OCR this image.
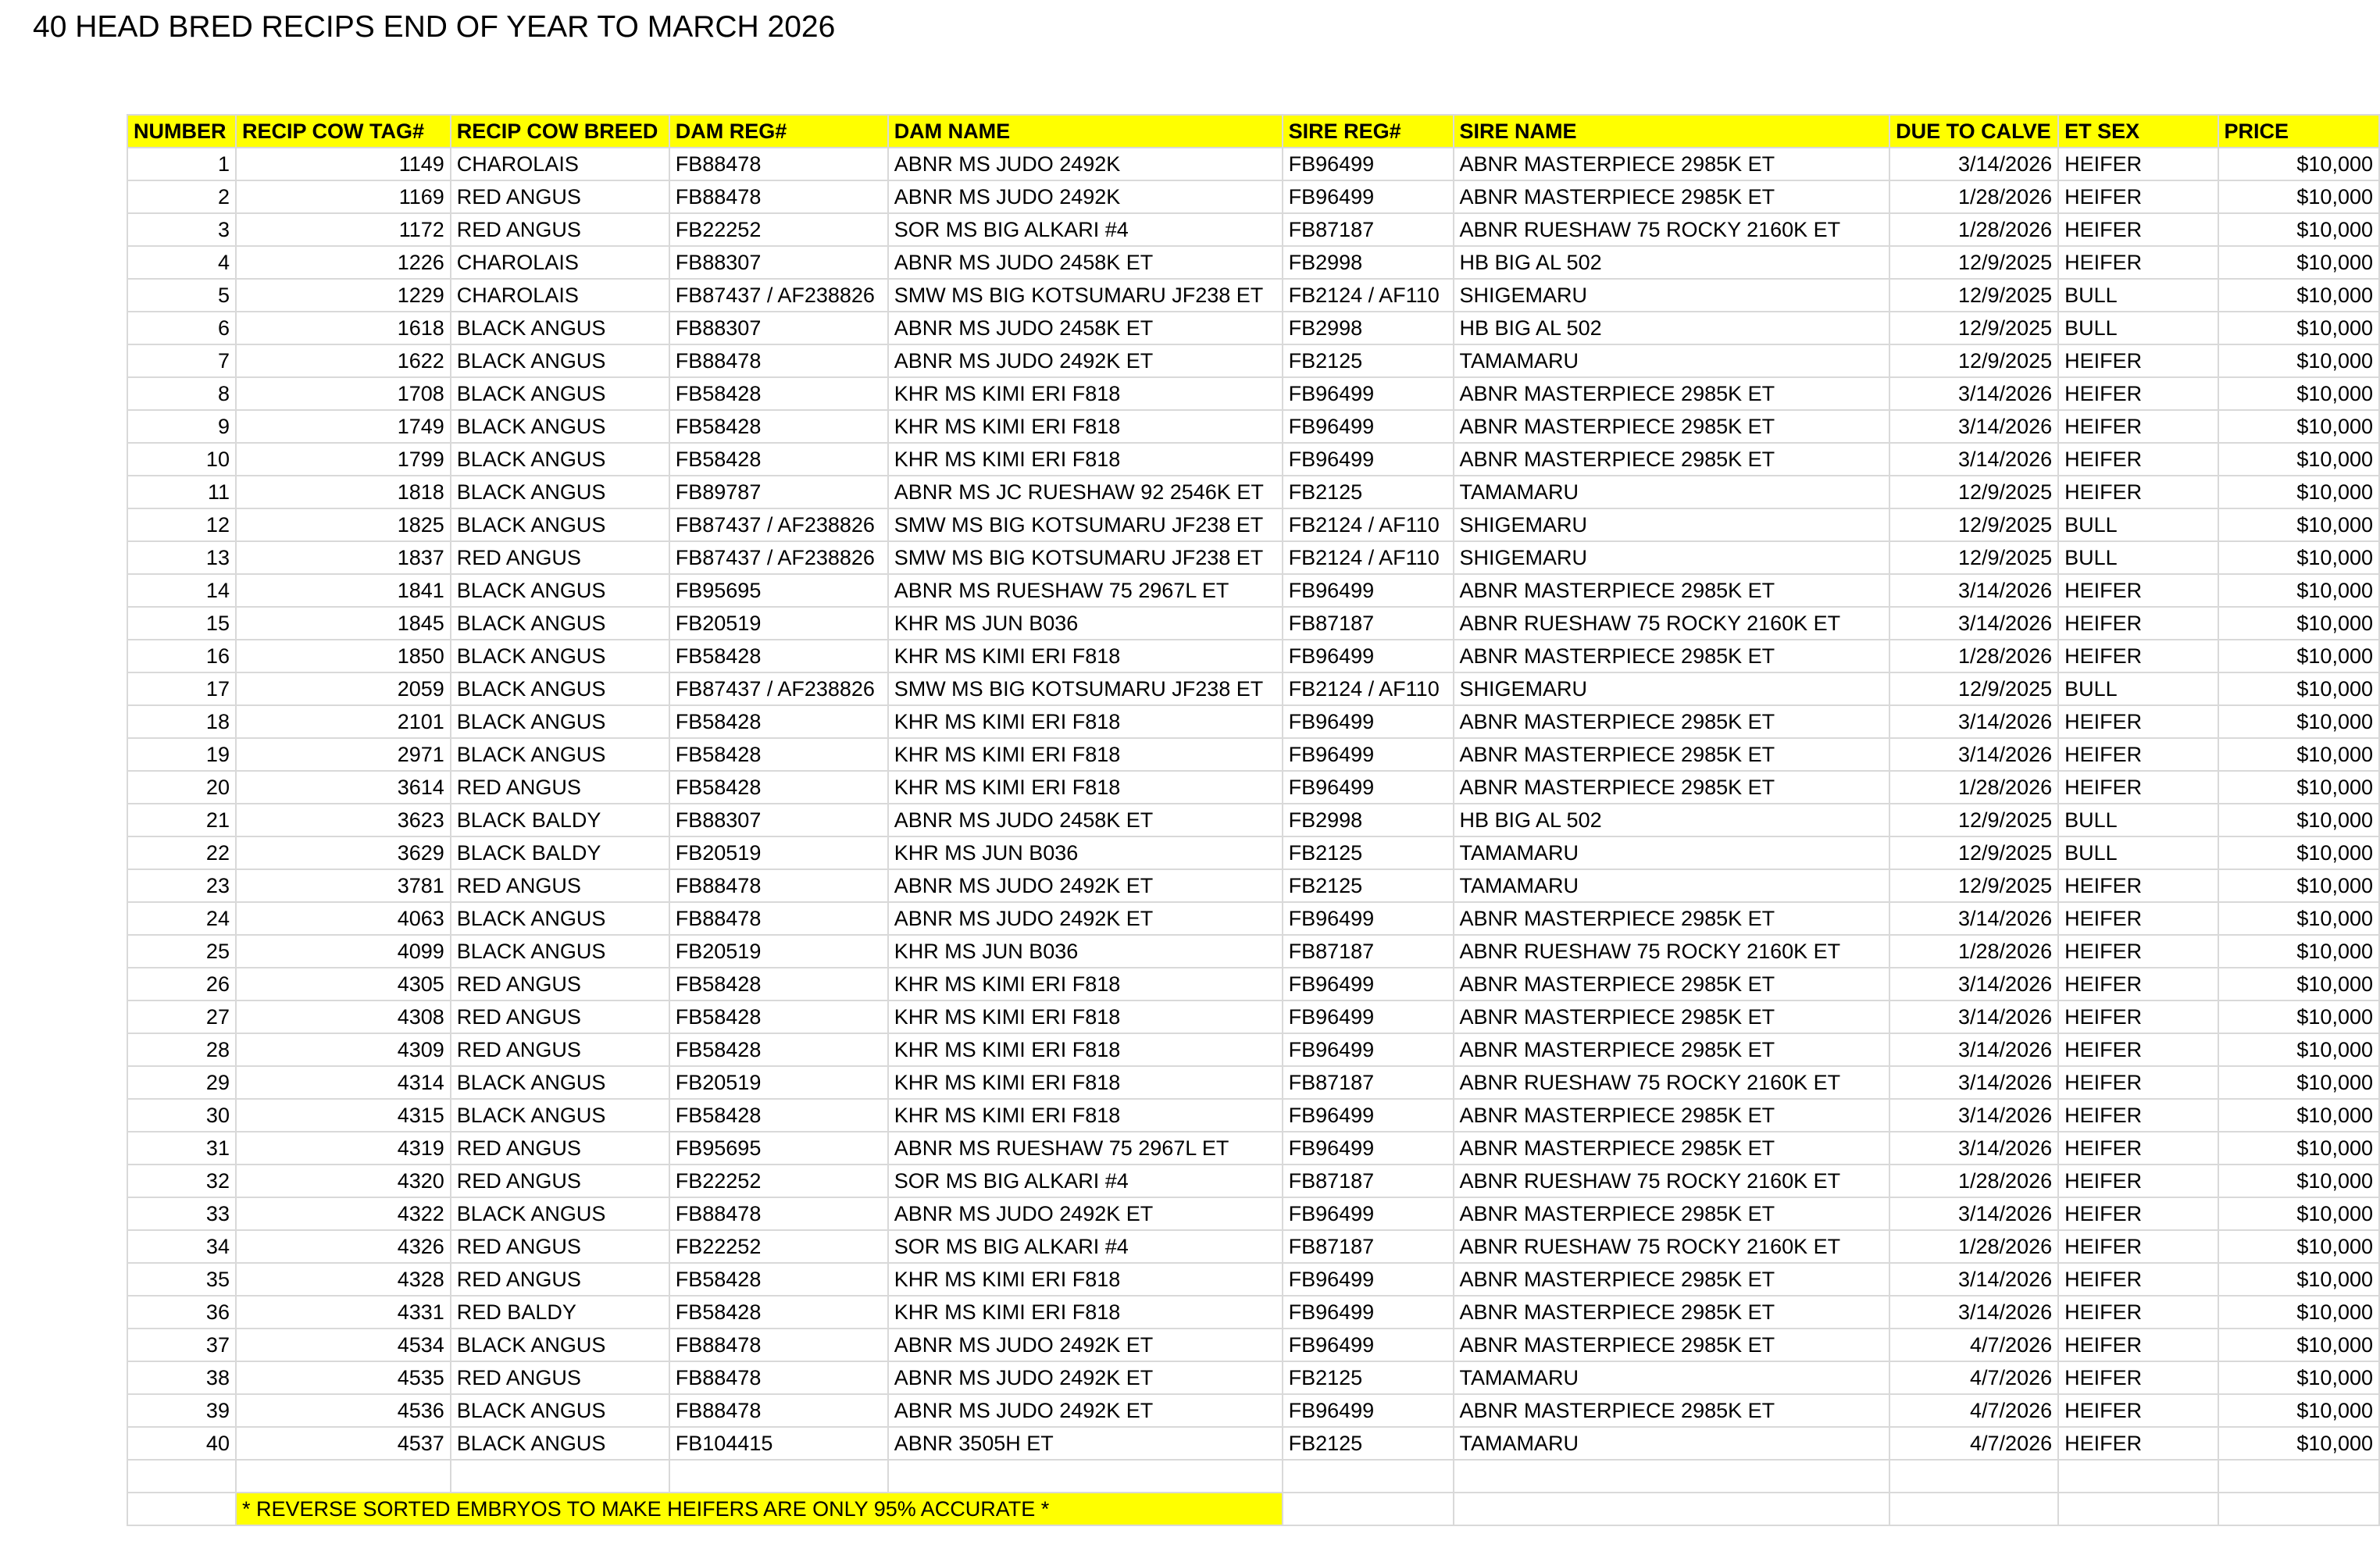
40 HEAD BRED RECIPS END OF YEAR TO MARCH 2026
NUMBER	RECIP COW TAG#	RECIP COW BREED	DAM REG#	DAM NAME	SIRE REG#	SIRE NAME	DUE TO CALVE	ET SEX	PRICE
1	1149	CHAROLAIS	FB88478	ABNR MS JUDO 2492K	FB96499	ABNR MASTERPIECE 2985K ET	3/14/2026	HEIFER	$10,000
2	1169	RED ANGUS	FB88478	ABNR MS JUDO 2492K	FB96499	ABNR MASTERPIECE 2985K ET	1/28/2026	HEIFER	$10,000
3	1172	RED ANGUS	FB22252	SOR MS BIG ALKARI #4	FB87187	ABNR RUESHAW 75 ROCKY 2160K ET	1/28/2026	HEIFER	$10,000
4	1226	CHAROLAIS	FB88307	ABNR MS JUDO 2458K ET	FB2998	HB BIG AL 502	12/9/2025	HEIFER	$10,000
5	1229	CHAROLAIS	FB87437 / AF238826	SMW MS BIG KOTSUMARU JF238 ET	FB2124 / AF110	SHIGEMARU	12/9/2025	BULL	$10,000
6	1618	BLACK ANGUS	FB88307	ABNR MS JUDO 2458K ET	FB2998	HB BIG AL 502	12/9/2025	BULL	$10,000
7	1622	BLACK ANGUS	FB88478	ABNR MS JUDO 2492K ET	FB2125	TAMAMARU	12/9/2025	HEIFER	$10,000
8	1708	BLACK ANGUS	FB58428	KHR MS KIMI ERI F818	FB96499	ABNR MASTERPIECE 2985K ET	3/14/2026	HEIFER	$10,000
9	1749	BLACK ANGUS	FB58428	KHR MS KIMI ERI F818	FB96499	ABNR MASTERPIECE 2985K ET	3/14/2026	HEIFER	$10,000
10	1799	BLACK ANGUS	FB58428	KHR MS KIMI ERI F818	FB96499	ABNR MASTERPIECE 2985K ET	3/14/2026	HEIFER	$10,000
11	1818	BLACK ANGUS	FB89787	ABNR MS JC RUESHAW 92 2546K ET	FB2125	TAMAMARU	12/9/2025	HEIFER	$10,000
12	1825	BLACK ANGUS	FB87437 / AF238826	SMW MS BIG KOTSUMARU JF238 ET	FB2124 / AF110	SHIGEMARU	12/9/2025	BULL	$10,000
13	1837	RED ANGUS	FB87437 / AF238826	SMW MS BIG KOTSUMARU JF238 ET	FB2124 / AF110	SHIGEMARU	12/9/2025	BULL	$10,000
14	1841	BLACK ANGUS	FB95695	ABNR MS RUESHAW 75 2967L ET	FB96499	ABNR MASTERPIECE 2985K ET	3/14/2026	HEIFER	$10,000
15	1845	BLACK ANGUS	FB20519	KHR MS JUN B036	FB87187	ABNR RUESHAW 75 ROCKY 2160K ET	3/14/2026	HEIFER	$10,000
16	1850	BLACK ANGUS	FB58428	KHR MS KIMI ERI F818	FB96499	ABNR MASTERPIECE 2985K ET	1/28/2026	HEIFER	$10,000
17	2059	BLACK ANGUS	FB87437 / AF238826	SMW MS BIG KOTSUMARU JF238 ET	FB2124 / AF110	SHIGEMARU	12/9/2025	BULL	$10,000
18	2101	BLACK ANGUS	FB58428	KHR MS KIMI ERI F818	FB96499	ABNR MASTERPIECE 2985K ET	3/14/2026	HEIFER	$10,000
19	2971	BLACK ANGUS	FB58428	KHR MS KIMI ERI F818	FB96499	ABNR MASTERPIECE 2985K ET	3/14/2026	HEIFER	$10,000
20	3614	RED ANGUS	FB58428	KHR MS KIMI ERI F818	FB96499	ABNR MASTERPIECE 2985K ET	1/28/2026	HEIFER	$10,000
21	3623	BLACK BALDY	FB88307	ABNR MS JUDO 2458K ET	FB2998	HB BIG AL 502	12/9/2025	BULL	$10,000
22	3629	BLACK BALDY	FB20519	KHR MS JUN B036	FB2125	TAMAMARU	12/9/2025	BULL	$10,000
23	3781	RED ANGUS	FB88478	ABNR MS JUDO 2492K ET	FB2125	TAMAMARU	12/9/2025	HEIFER	$10,000
24	4063	BLACK ANGUS	FB88478	ABNR MS JUDO 2492K ET	FB96499	ABNR MASTERPIECE 2985K ET	3/14/2026	HEIFER	$10,000
25	4099	BLACK ANGUS	FB20519	KHR MS JUN B036	FB87187	ABNR RUESHAW 75 ROCKY 2160K ET	1/28/2026	HEIFER	$10,000
26	4305	RED ANGUS	FB58428	KHR MS KIMI ERI F818	FB96499	ABNR MASTERPIECE 2985K ET	3/14/2026	HEIFER	$10,000
27	4308	RED ANGUS	FB58428	KHR MS KIMI ERI F818	FB96499	ABNR MASTERPIECE 2985K ET	3/14/2026	HEIFER	$10,000
28	4309	RED ANGUS	FB58428	KHR MS KIMI ERI F818	FB96499	ABNR MASTERPIECE 2985K ET	3/14/2026	HEIFER	$10,000
29	4314	BLACK ANGUS	FB20519	KHR MS KIMI ERI F818	FB87187	ABNR RUESHAW 75 ROCKY 2160K ET	3/14/2026	HEIFER	$10,000
30	4315	BLACK ANGUS	FB58428	KHR MS KIMI ERI F818	FB96499	ABNR MASTERPIECE 2985K ET	3/14/2026	HEIFER	$10,000
31	4319	RED ANGUS	FB95695	ABNR MS RUESHAW 75 2967L ET	FB96499	ABNR MASTERPIECE 2985K ET	3/14/2026	HEIFER	$10,000
32	4320	RED ANGUS	FB22252	SOR MS BIG ALKARI #4	FB87187	ABNR RUESHAW 75 ROCKY 2160K ET	1/28/2026	HEIFER	$10,000
33	4322	BLACK ANGUS	FB88478	ABNR MS JUDO 2492K ET	FB96499	ABNR MASTERPIECE 2985K ET	3/14/2026	HEIFER	$10,000
34	4326	RED ANGUS	FB22252	SOR MS BIG ALKARI #4	FB87187	ABNR RUESHAW 75 ROCKY 2160K ET	1/28/2026	HEIFER	$10,000
35	4328	RED ANGUS	FB58428	KHR MS KIMI ERI F818	FB96499	ABNR MASTERPIECE 2985K ET	3/14/2026	HEIFER	$10,000
36	4331	RED BALDY	FB58428	KHR MS KIMI ERI F818	FB96499	ABNR MASTERPIECE 2985K ET	3/14/2026	HEIFER	$10,000
37	4534	BLACK ANGUS	FB88478	ABNR MS JUDO 2492K ET	FB96499	ABNR MASTERPIECE 2985K ET	4/7/2026	HEIFER	$10,000
38	4535	RED ANGUS	FB88478	ABNR MS JUDO 2492K ET	FB2125	TAMAMARU	4/7/2026	HEIFER	$10,000
39	4536	BLACK ANGUS	FB88478	ABNR MS JUDO 2492K ET	FB96499	ABNR MASTERPIECE 2985K ET	4/7/2026	HEIFER	$10,000
40	4537	BLACK ANGUS	FB104415	ABNR 3505H ET	FB2125	TAMAMARU	4/7/2026	HEIFER	$10,000

	* REVERSE SORTED EMBRYOS TO MAKE HEIFERS ARE ONLY 95% ACCURATE *								
